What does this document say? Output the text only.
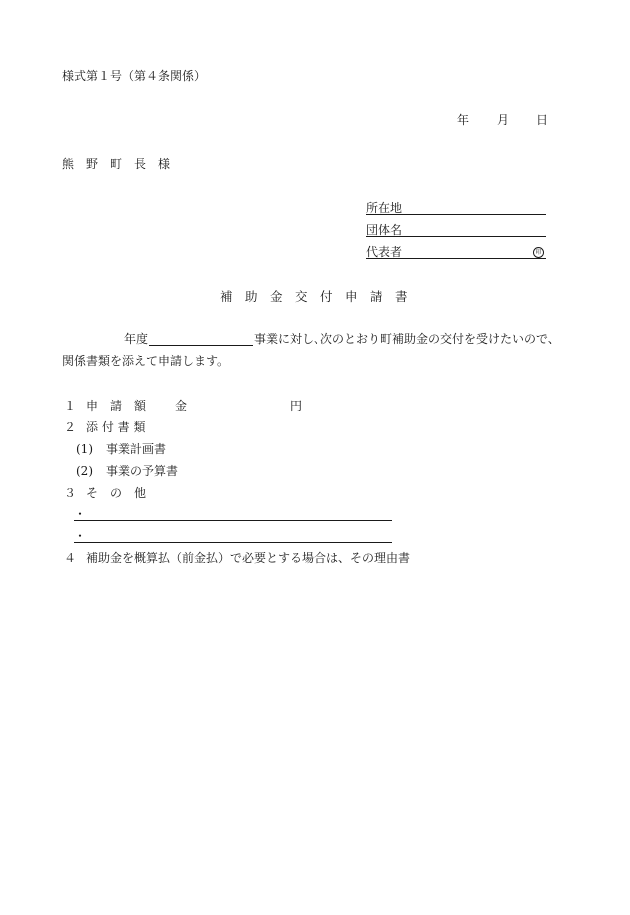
様式第１号（第４条関係）
年 月 日
熊　野　町　長　様
所在地
団体名
代表者	印
補　助　金　交　付　申　請　書
年度	事業に対し､次のとおり町補助金の交付を受けたいので、
関係書類を添えて申請します。
１ 申　請　額 金	円
２ 添 付 書 類
(1) 事業計画書
(2) 事業の予算書
３ そ　の　他
・
・
４ 補助金を概算払（前金払）で必要とする場合は、その理由書
